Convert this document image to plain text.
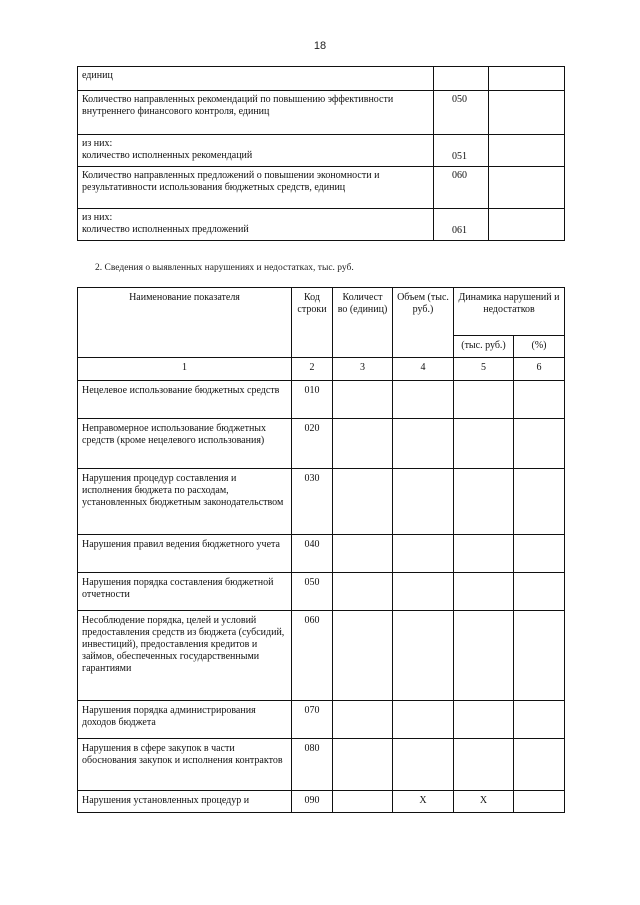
18
единиц		
Количество направленных рекомендаций по повышению эффективности внутреннего финансового контроля, единиц	050	
из них:
количество исполненных рекомендаций	051	
Количество направленных предложений о повышении экономности и результативности использования бюджетных средств, единиц	060	
из них:
количество исполненных предложений	061	
2. Сведения о выявленных нарушениях и недостатках, тыс. руб.
Наименование показателя	Код строки	Количест во (единиц)	Объем (тыс. руб.)	Динамика нарушений и недостатков	
				(тыс. руб.)	(%)
1	2	3	4	5	6
Нецелевое использование бюджетных средств	010				
Неправомерное использование бюджетных средств (кроме нецелевого использования)	020				
Нарушения процедур составления и исполнения бюджета по расходам, установленных бюджетным законодательством	030				
Нарушения правил ведения бюджетного учета	040				
Нарушения порядка составления бюджетной отчетности	050				
Несоблюдение порядка, целей и условий предоставления средств из бюджета (субсидий, инвестиций), предоставления кредитов и займов, обеспеченных государственными гарантиями	060				
Нарушения порядка администрирования доходов бюджета	070				
Нарушения в сфере закупок в части обоснования закупок и исполнения контрактов	080				
Нарушения установленных процедур и	090		X	X	
